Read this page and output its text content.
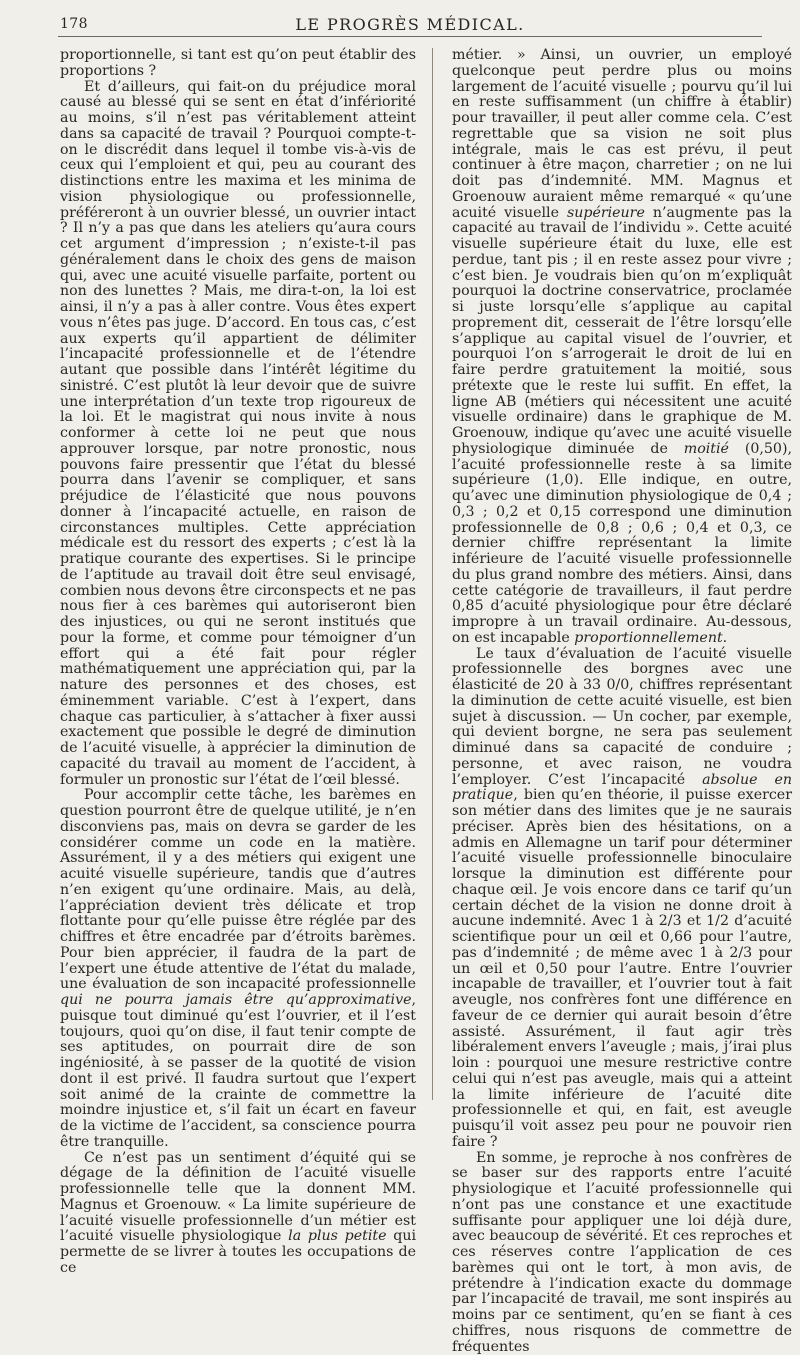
178	LE PROGRÈS MÉDICAL.

proportionnelle, si tant est qu’on peut établir des proportions ?

Et d’ailleurs, qui fait-on du préjudice moral causé au blessé qui se sent en état d’infériorité au moins, s’il n’est pas véritablement atteint dans sa capacité de travail ? Pourquoi compte-t-on le discrédit dans lequel il tombe vis-à-vis de ceux qui l’emploient et qui, peu au courant des distinctions entre les maxima et les minima de vision physiologique ou professionnelle, préféreront à un ouvrier blessé, un ouvrier intact ? Il n’y a pas que dans les ateliers qu’aura cours cet argument d’impression ; n’existe-t-il pas généralement dans le choix des gens de maison qui, avec une acuité visuelle parfaite, portent ou non des lunettes ? Mais, me dira-t-on, la loi est ainsi, il n’y a pas à aller contre. Vous êtes expert vous n’êtes pas juge. D’accord. En tous cas, c’est aux experts qu’il appartient de délimiter l’incapacité professionnelle et de l’étendre autant que possible dans l’intérêt légitime du sinistré. C’est plutôt là leur devoir que de suivre une interprétation d’un texte trop rigoureux de la loi. Et le magistrat qui nous invite à nous conformer à cette loi ne peut que nous approuver lorsque, par notre pronostic, nous pouvons faire pressentir que l’état du blessé pourra dans l’avenir se compliquer, et sans préjudice de l’élasticité que nous pouvons donner à l’incapacité actuelle, en raison de circonstances multiples. Cette appréciation médicale est du ressort des experts ; c’est là la pratique courante des expertises. Si le principe de l’aptitude au travail doit être seul envisagé, combien nous devons être circonspects et ne pas nous fier à ces barèmes qui autoriseront bien des injustices, ou qui ne seront institués que pour la forme, et comme pour témoigner d’un effort qui a été fait pour régler mathématiquement une appréciation qui, par la nature des personnes et des choses, est éminemment variable. C’est à l’expert, dans chaque cas particulier, à s’attacher à fixer aussi exactement que possible le degré de diminution de l’acuité visuelle, à apprécier la diminution de capacité du travail au moment de l’accident, à formuler un pronostic sur l’état de l’œil blessé.

Pour accomplir cette tâche, les barèmes en question pourront être de quelque utilité, je n’en disconviens pas, mais on devra se garder de les considérer comme un code en la matière. Assurément, il y a des métiers qui exigent une acuité visuelle supérieure, tandis que d’autres n’en exigent qu’une ordinaire. Mais, au delà, l’appréciation devient très délicate et trop flottante pour qu’elle puisse être réglée par des chiffres et être encadrée par d’étroits barèmes. Pour bien apprécier, il faudra de la part de l’expert une étude attentive de l’état du malade, une évaluation de son incapacité professionnelle qui ne pourra jamais être qu’approximative, puisque tout diminué qu’est l’ouvrier, et il l’est toujours, quoi qu’on dise, il faut tenir compte de ses aptitudes, on pourrait dire de son ingéniosité, à se passer de la quotité de vision dont il est privé. Il faudra surtout que l’expert soit animé de la crainte de commettre la moindre injustice et, s’il fait un écart en faveur de la victime de l’accident, sa conscience pourra être tranquille.

Ce n’est pas un sentiment d’équité qui se dégage de la définition de l’acuité visuelle professionnelle telle que la donnent MM. Magnus et Groenouw. « La limite supérieure de l’acuité visuelle professionnelle d’un métier est l’acuité visuelle physiologique la plus petite qui permette de se livrer à toutes les occupations de ce

métier. » Ainsi, un ouvrier, un employé quelconque peut perdre plus ou moins largement de l’acuité visuelle ; pourvu qu’il lui en reste suffisamment (un chiffre à établir) pour travailler, il peut aller comme cela. C’est regrettable que sa vision ne soit plus intégrale, mais le cas est prévu, il peut continuer à être maçon, charretier ; on ne lui doit pas d’indemnité. MM. Magnus et Groenouw auraient même remarqué « qu’une acuité visuelle supérieure n’augmente pas la capacité au travail de l’individu ». Cette acuité visuelle supérieure était du luxe, elle est perdue, tant pis ; il en reste assez pour vivre ; c’est bien. Je voudrais bien qu’on m’expliquât pourquoi la doctrine conservatrice, proclamée si juste lorsqu’elle s’applique au capital proprement dit, cesserait de l’être lorsqu’elle s’applique au capital visuel de l’ouvrier, et pourquoi l’on s’arrogerait le droit de lui en faire perdre gratuitement la moitié, sous prétexte que le reste lui suffit. En effet, la ligne AB (métiers qui nécessitent une acuité visuelle ordinaire) dans le graphique de M. Groenouw, indique qu’avec une acuité visuelle physiologique diminuée de moitié (0,50), l’acuité professionnelle reste à sa limite supérieure (1,0). Elle indique, en outre, qu’avec une diminution physiologique de 0,4 ; 0,3 ; 0,2 et 0,15 correspond une diminution professionnelle de 0,8 ; 0,6 ; 0,4 et 0,3, ce dernier chiffre représentant la limite inférieure de l’acuité visuelle professionnelle du plus grand nombre des métiers. Ainsi, dans cette catégorie de travailleurs, il faut perdre 0,85 d’acuité physiologique pour être déclaré impropre à un travail ordinaire. Au-dessous, on est incapable proportionnellement.

Le taux d’évaluation de l’acuité visuelle professionnelle des borgnes avec une élasticité de 20 à 33 0/0, chiffres représentant la diminution de cette acuité visuelle, est bien sujet à discussion. — Un cocher, par exemple, qui devient borgne, ne sera pas seulement diminué dans sa capacité de conduire ; personne, et avec raison, ne voudra l’employer. C’est l’incapacité absolue en pratique, bien qu’en théorie, il puisse exercer son métier dans des limites que je ne saurais préciser. Après bien des hésitations, on a admis en Allemagne un tarif pour déterminer l’acuité visuelle professionnelle binoculaire lorsque la diminution est différente pour chaque œil. Je vois encore dans ce tarif qu’un certain déchet de la vision ne donne droit à aucune indemnité. Avec 1 à 2/3 et 1/2 d’acuité scientifique pour un œil et 0,66 pour l’autre, pas d’indemnité ; de même avec 1 à 2/3 pour un œil et 0,50 pour l’autre. Entre l’ouvrier incapable de travailler, et l’ouvrier tout à fait aveugle, nos confrères font une différence en faveur de ce dernier qui aurait besoin d’être assisté. Assurément, il faut agir très libéralement envers l’aveugle ; mais, j’irai plus loin : pourquoi une mesure restrictive contre celui qui n’est pas aveugle, mais qui a atteint la limite inférieure de l’acuité dite professionnelle et qui, en fait, est aveugle puisqu’il voit assez peu pour ne pouvoir rien faire ?

En somme, je reproche à nos confrères de se baser sur des rapports entre l’acuité physiologique et l’acuité professionnelle qui n’ont pas une constance et une exactitude suffisante pour appliquer une loi déjà dure, avec beaucoup de sévérité. Et ces reproches et ces réserves contre l’application de ces barèmes qui ont le tort, à mon avis, de prétendre à l’indication exacte du dommage par l’incapacité de travail, me sont inspirés au moins par ce sentiment, qu’en se fiant à ces chiffres, nous risquons de commettre de fréquentes
